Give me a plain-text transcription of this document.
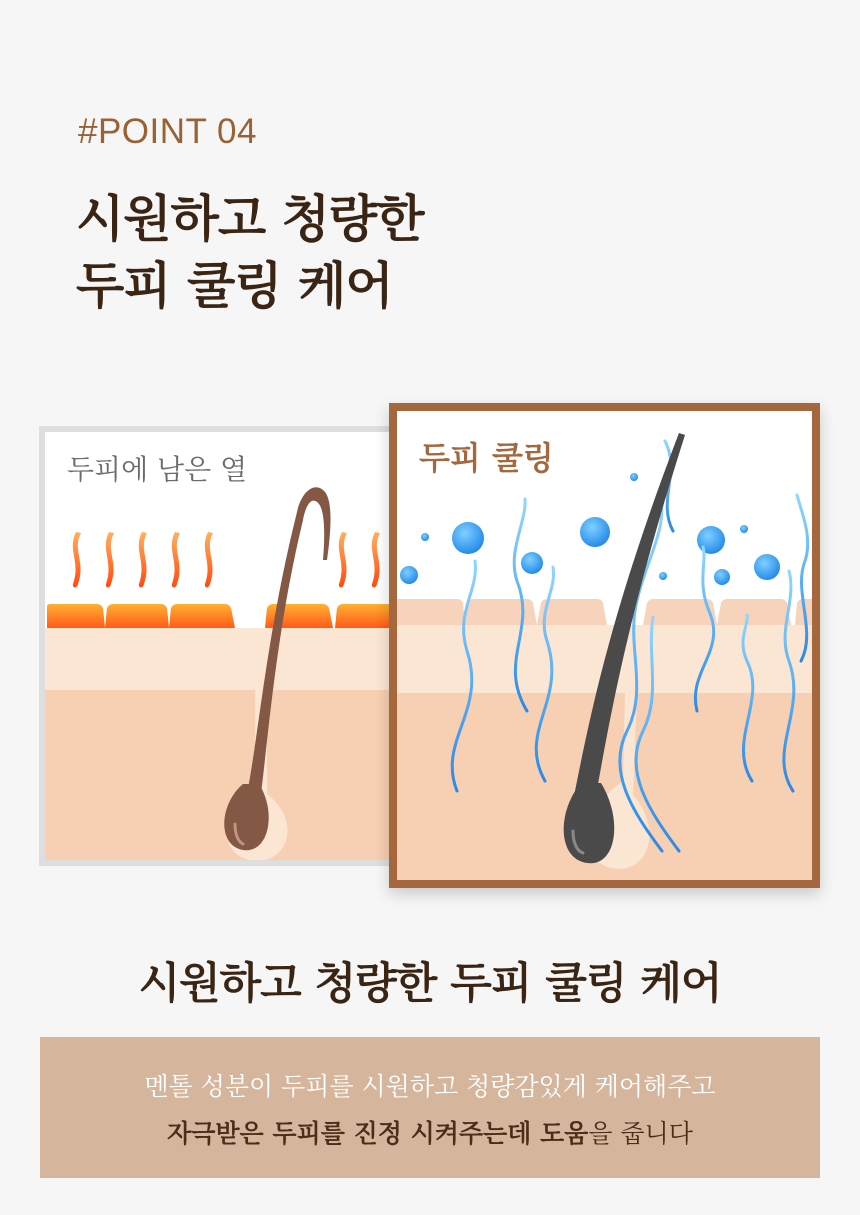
#POINT 04
시원하고 청량한
두피 쿨링 케어
두피에 남은 열	두피 쿨링
시원하고 청량한 두피 쿨링 케어
멘톨 성분이 두피를 시원하고 청량감있게 케어해주고
자극받은 두피를 진정 시켜주는데 도움을 줍니다
